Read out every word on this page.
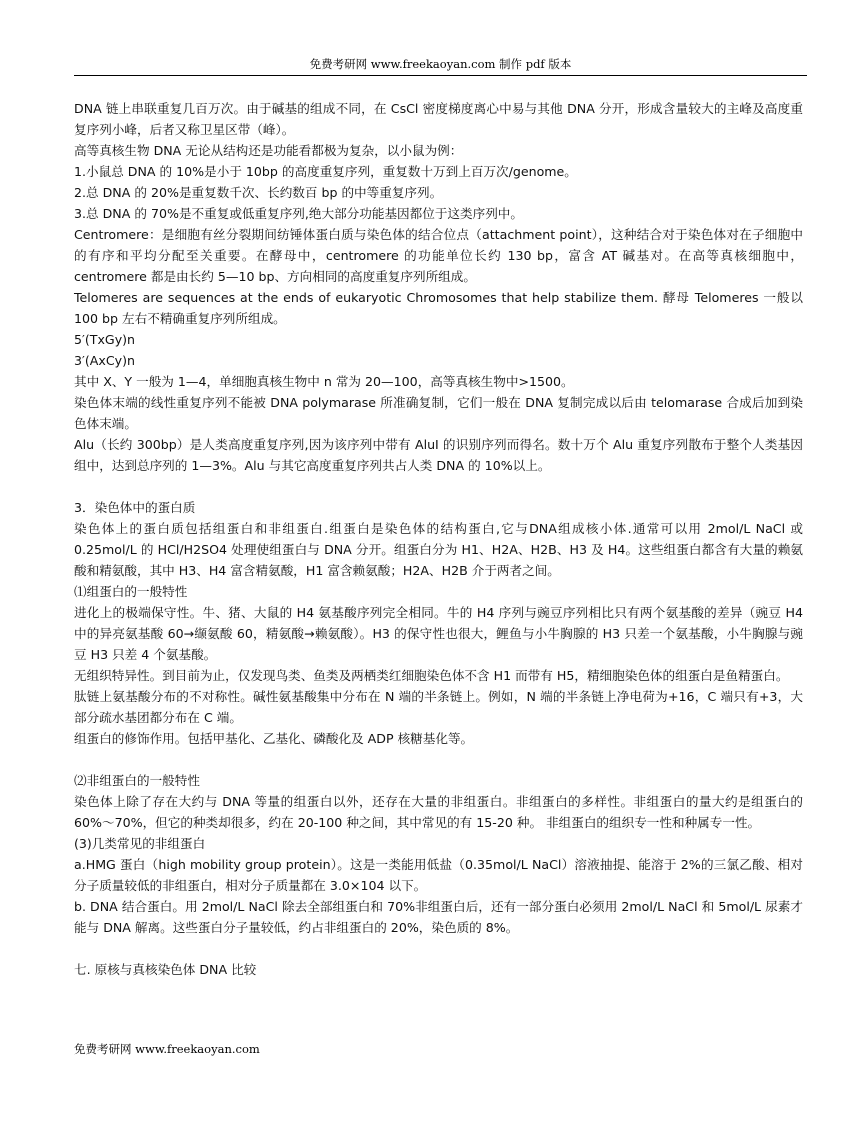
免费考研网 www.freekaoyan.com 制作 pdf 版本

DNA 链上串联重复几百万次。由于碱基的组成不同，在 CsCl 密度梯度离心中易与其他 DNA 分开，形成含量较大的主峰及高度重复序列小峰，后者又称卫星区带（峰）。

高等真核生物 DNA 无论从结构还是功能看都极为复杂，以小鼠为例：

1.小鼠总 DNA 的 10%是小于 10bp 的高度重复序列，重复数十万到上百万次/genome。

2.总 DNA 的 20%是重复数千次、长约数百 bp 的中等重复序列。

3.总 DNA 的 70%是不重复或低重复序列,绝大部分功能基因都位于这类序列中。

Centromere：是细胞有丝分裂期间纺锤体蛋白质与染色体的结合位点（attachment point），这种结合对于染色体对在子细胞中的有序和平均分配至关重要。在酵母中，centromere 的功能单位长约 130 bp，富含 AT 碱基对。在高等真核细胞中，centromere 都是由长约 5—10 bp、方向相同的高度重复序列所组成。

Telomeres are sequences at the ends of eukaryotic Chromosomes that help stabilize them. 酵母 Telomeres 一般以 100 bp 左右不精确重复序列所组成。

5′(TxGy)n

3′(AxCy)n

其中 X、Y 一般为 1—4，单细胞真核生物中 n 常为 20—100，高等真核生物中>1500。

染色体末端的线性重复序列不能被 DNA polymarase 所准确复制，它们一般在 DNA 复制完成以后由 telomarase 合成后加到染色体末端。

Alu（长约 300bp）是人类高度重复序列,因为该序列中带有 AluI 的识别序列而得名。数十万个 Alu 重复序列散布于整个人类基因组中，达到总序列的 1—3%。Alu 与其它高度重复序列共占人类 DNA 的 10%以上。

3．染色体中的蛋白质

染色体上的蛋白质包括组蛋白和非组蛋白.组蛋白是染色体的结构蛋白,它与DNA组成核小体.通常可以用 2mol/L NaCl 或 0.25mol/L 的 HCl/H2SO4 处理使组蛋白与 DNA 分开。组蛋白分为 H1、H2A、H2B、H3 及 H4。这些组蛋白都含有大量的赖氨酸和精氨酸，其中 H3、H4 富含精氨酸，H1 富含赖氨酸；H2A、H2B 介于两者之间。

⑴组蛋白的一般特性

进化上的极端保守性。牛、猪、大鼠的 H4 氨基酸序列完全相同。牛的 H4 序列与豌豆序列相比只有两个氨基酸的差异（豌豆 H4 中的异亮氨基酸 60→缬氨酸 60，精氨酸→赖氨酸）。H3 的保守性也很大，鲤鱼与小牛胸腺的 H3 只差一个氨基酸，小牛胸腺与豌豆 H3 只差 4 个氨基酸。

无组织特异性。到目前为止，仅发现鸟类、鱼类及两栖类红细胞染色体不含 H1 而带有 H5，精细胞染色体的组蛋白是鱼精蛋白。

肽链上氨基酸分布的不对称性。碱性氨基酸集中分布在 N 端的半条链上。例如，N 端的半条链上净电荷为+16，C 端只有+3，大部分疏水基团都分布在 C 端。

组蛋白的修饰作用。包括甲基化、乙基化、磷酸化及 ADP 核糖基化等。

⑵非组蛋白的一般特性

染色体上除了存在大约与 DNA 等量的组蛋白以外，还存在大量的非组蛋白。非组蛋白的多样性。非组蛋白的量大约是组蛋白的 60%～70%，但它的种类却很多，约在 20-100 种之间，其中常见的有 15-20 种。 非组蛋白的组织专一性和种属专一性。

(3)几类常见的非组蛋白

a.HMG 蛋白（high mobility group protein）。这是一类能用低盐（0.35mol/L NaCl）溶液抽提、能溶于 2%的三氯乙酸、相对分子质量较低的非组蛋白，相对分子质量都在 3.0×104 以下。

b. DNA 结合蛋白。用 2mol/L NaCl 除去全部组蛋白和 70%非组蛋白后，还有一部分蛋白必须用 2mol/L NaCl 和 5mol/L 尿素才能与 DNA 解离。这些蛋白分子量较低，约占非组蛋白的 20%，染色质的 8%。

七. 原核与真核染色体 DNA 比较

免费考研网 www.freekaoyan.com
